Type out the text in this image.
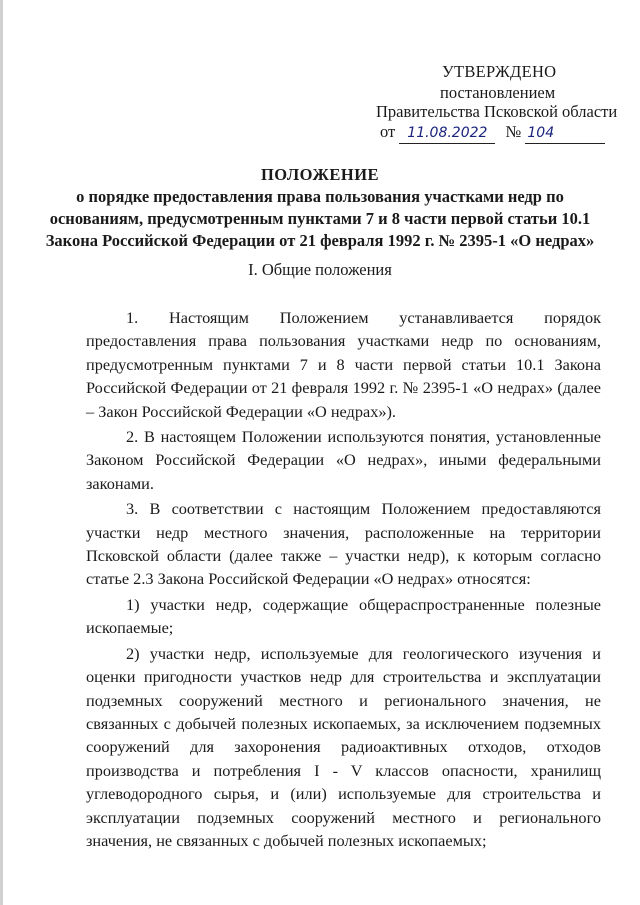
УТВЕРЖДЕНО
постановлением
Правительства Псковской области
от 11.08.2022 № 104
ПОЛОЖЕНИЕ
о порядке предоставления права пользования участками недр по
основаниям, предусмотренным пунктами 7 и 8 части первой статьи 10.1
Закона Российской Федерации от 21 февраля 1992 г. № 2395-1 «О недрах»
I. Общие положения

1. Настоящим Положением устанавливается порядок предоставления права пользования участками недр по основаниям, предусмотренным пунктами 7 и 8 части первой статьи 10.1 Закона Российской Федерации от 21 февраля 1992 г. № 2395-1 «О недрах» (далее – Закон Российской Федерации «О недрах»).

2. В настоящем Положении используются понятия, установленные Законом Российской Федерации «О недрах», иными федеральными законами.

3. В соответствии с настоящим Положением предоставляются участки недр местного значения, расположенные на территории Псковской области (далее также – участки недр), к которым согласно статье 2.3 Закона Российской Федерации «О недрах» относятся:

1) участки недр, содержащие общераспространенные полезные ископаемые;

2) участки недр, используемые для геологического изучения и оценки пригодности участков недр для строительства и эксплуатации подземных сооружений местного и регионального значения, не связанных с добычей полезных ископаемых, за исключением подземных сооружений для захоронения радиоактивных отходов, отходов производства и потребления I - V классов опасности, хранилищ углеводородного сырья, и (или) используемые для строительства и эксплуатации подземных сооружений местного и регионального значения, не связанных с добычей полезных ископаемых;
